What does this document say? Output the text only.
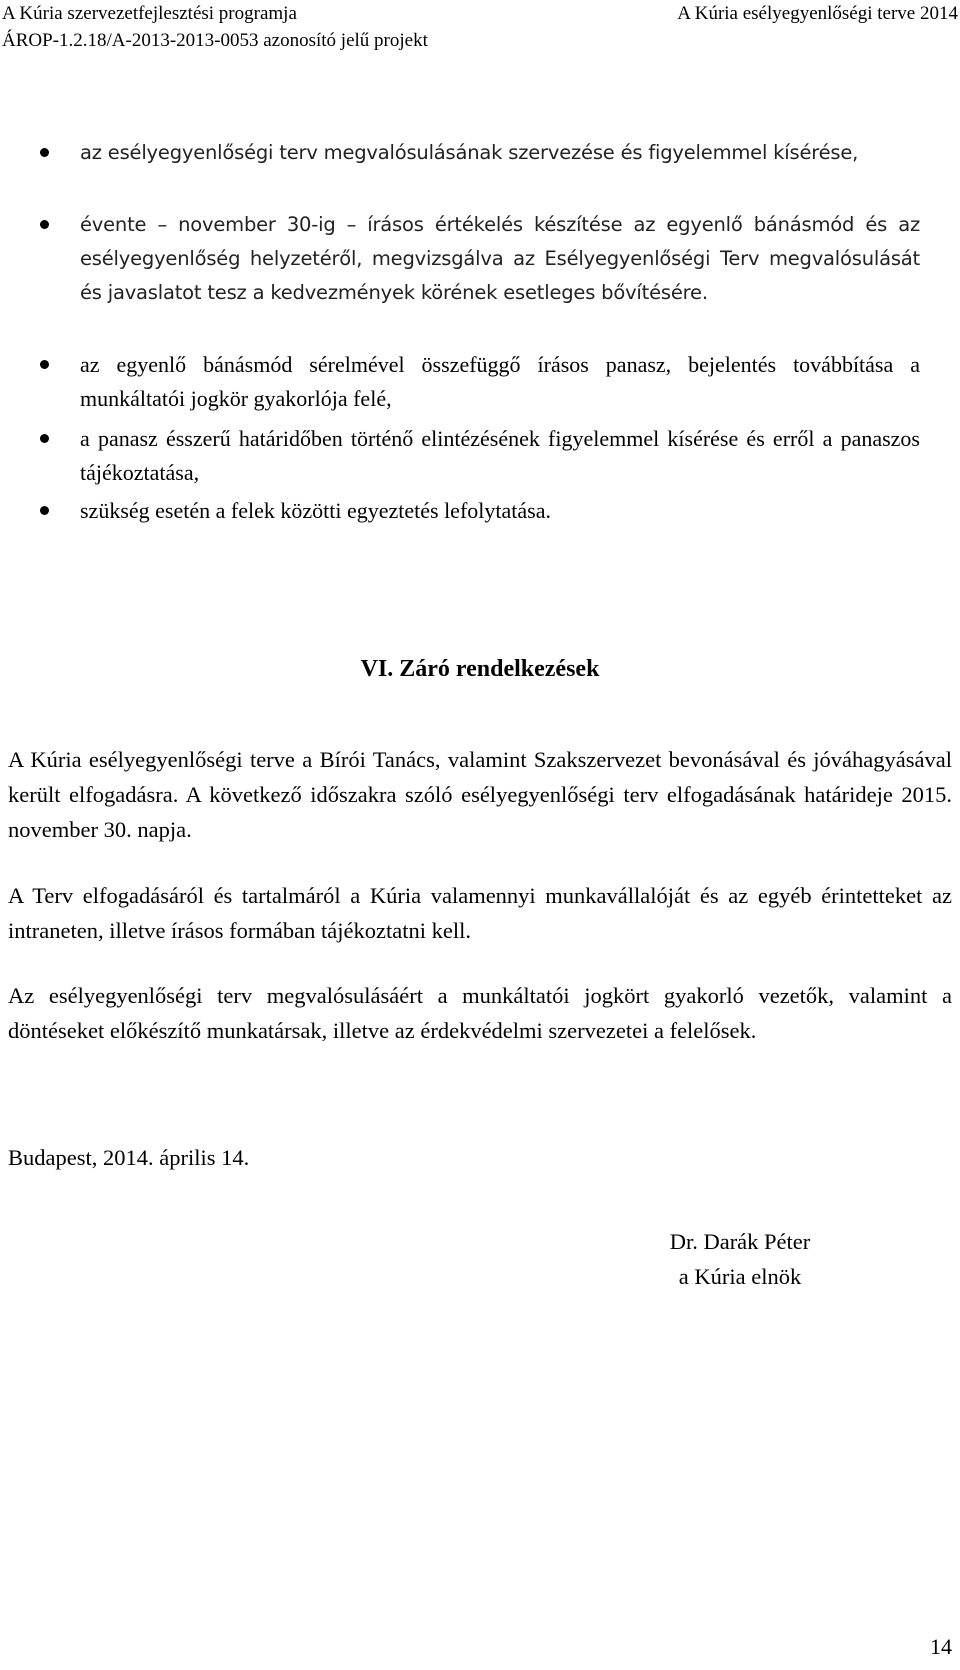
A Kúria szervezetfejlesztési programja
ÁROP-1.2.18/A-2013-2013-0053 azonosító jelű projekt
A Kúria esélyegyenlőségi terve 2014
az esélyegyenlőségi terv megvalósulásának szervezése és figyelemmel kísérése,
évente – november 30-ig – írásos értékelés készítése az egyenlő bánásmód és az esélyegyenlőség helyzetéről, megvizsgálva az Esélyegyenlőségi Terv megvalósulását és javaslatot tesz a kedvezmények körének esetleges bővítésére.
az egyenlő bánásmód sérelmével összefüggő írásos panasz, bejelentés továbbítása a munkáltatói jogkör gyakorlója felé,
a panasz ésszerű határidőben történő elintézésének figyelemmel kísérése és erről a panaszos tájékoztatása,
szükség esetén a felek közötti egyeztetés lefolytatása.
VI. Záró rendelkezések
A Kúria esélyegyenlőségi terve a Bírói Tanács, valamint Szakszervezet bevonásával és jóváhagyásával került elfogadásra. A következő időszakra szóló esélyegyenlőségi terv elfogadásának határideje 2015. november 30. napja.
A Terv elfogadásáról és tartalmáról a Kúria valamennyi munkavállalóját és az egyéb érintetteket az intraneten, illetve írásos formában tájékoztatni kell.
Az esélyegyenlőségi terv megvalósulásáért a munkáltatói jogkört gyakorló vezetők, valamint a döntéseket előkészítő munkatársak, illetve az érdekvédelmi szervezetei a felelősek.
Budapest, 2014. április 14.
Dr. Darák Péter
a Kúria elnök
14
